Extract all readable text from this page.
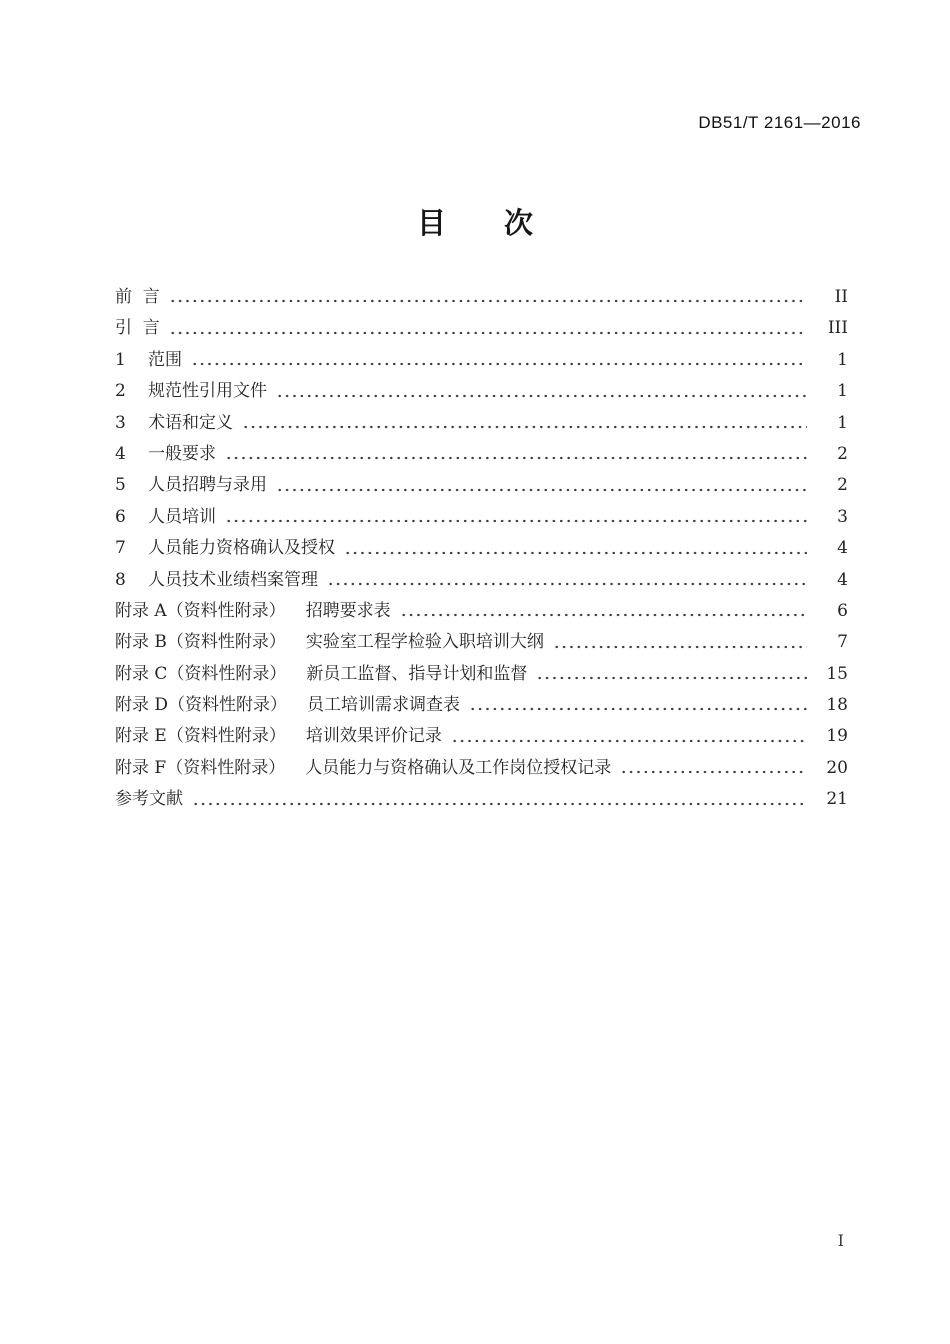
DB51/T 2161—2016
目　　次
前  言	II
引  言	III
1 范围	1
2 规范性引用文件	1
3 术语和定义	1
4 一般要求	2
5 人员招聘与录用	2
6 人员培训	3
7 人员能力资格确认及授权	4
8 人员技术业绩档案管理	4
附录 A（资料性附录） 招聘要求表	6
附录 B（资料性附录） 实验室工程学检验入职培训大纲	7
附录 C（资料性附录） 新员工监督、指导计划和监督	15
附录 D（资料性附录） 员工培训需求调查表	18
附录 E（资料性附录） 培训效果评价记录	19
附录 F（资料性附录） 人员能力与资格确认及工作岗位授权记录	20
参考文献	21
I
